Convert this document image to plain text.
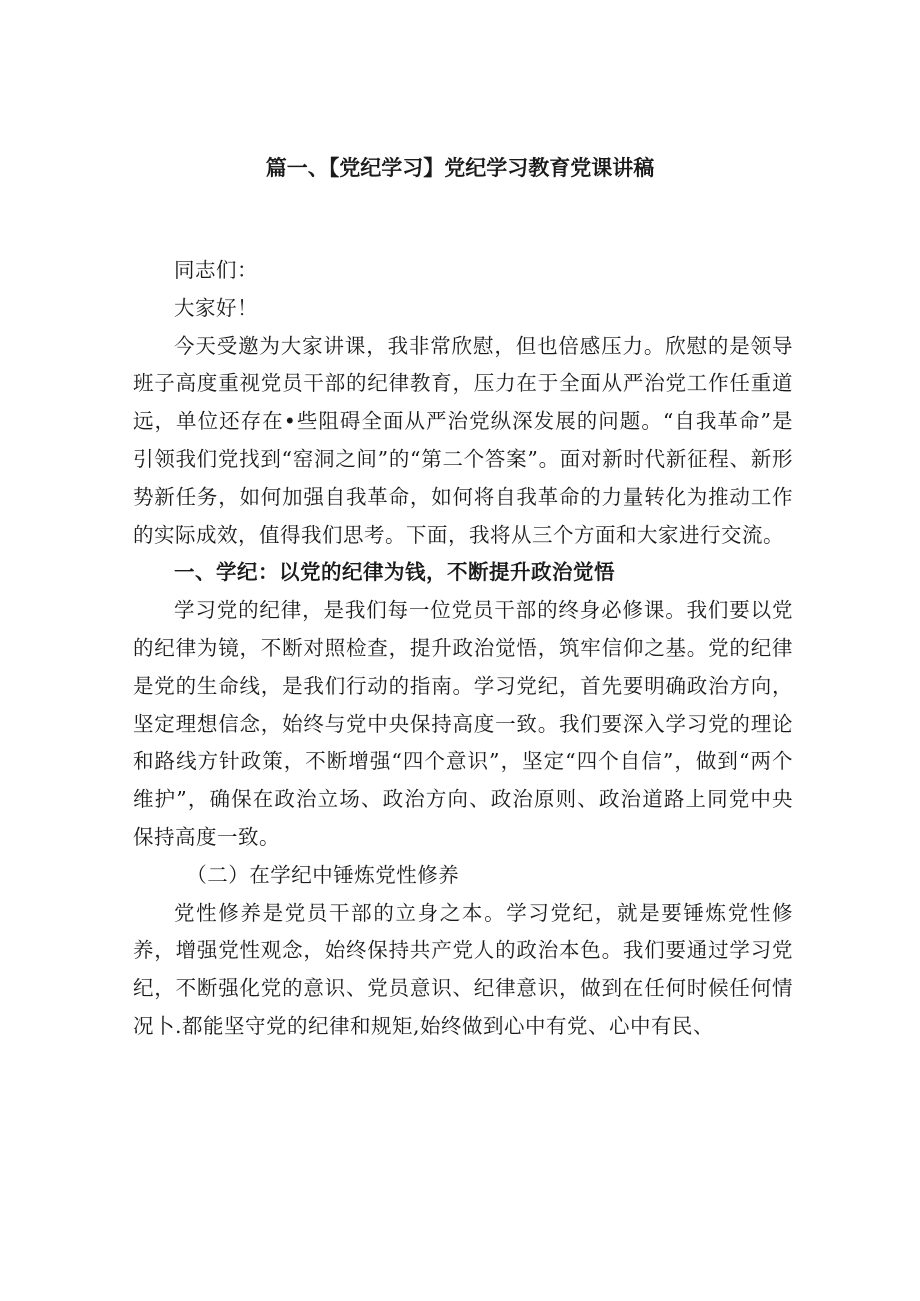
篇一、【党纪学习】党纪学习教育党课讲稿

同志们：

大家好！

今天受邀为大家讲课，我非常欣慰，但也倍感压力。欣慰的是领导班子高度重视党员干部的纪律教育，压力在于全面从严治党工作任重道远，单位还存在•些阻碍全面从严治党纵深发展的问题。“自我革命”是引领我们党找到“窑洞之间”的“第二个答案”。面对新时代新征程、新形势新任务，如何加强自我革命，如何将自我革命的力量转化为推动工作的实际成效，值得我们思考。下面，我将从三个方面和大家进行交流。

一、学纪：以党的纪律为钱，不断提升政治觉悟

学习党的纪律，是我们每一位党员干部的终身必修课。我们要以党的纪律为镜，不断对照检查，提升政治觉悟，筑牢信仰之基。党的纪律是党的生命线，是我们行动的指南。学习党纪，首先要明确政治方向，坚定理想信念，始终与党中央保持高度一致。我们要深入学习党的理论和路线方针政策，不断增强“四个意识”，坚定“四个自信”，做到“两个维护”，确保在政治立场、政治方向、政治原则、政治道路上同党中央保持高度一致。

（二）在学纪中锤炼党性修养

党性修养是党员干部的立身之本。学习党纪，就是要锤炼党性修养，增强党性观念，始终保持共产党人的政治本色。我们要通过学习党纪，不断强化党的意识、党员意识、纪律意识，做到在任何时候任何情况卜.都能坚守党的纪律和规矩,始终做到心中有党、心中有民、
